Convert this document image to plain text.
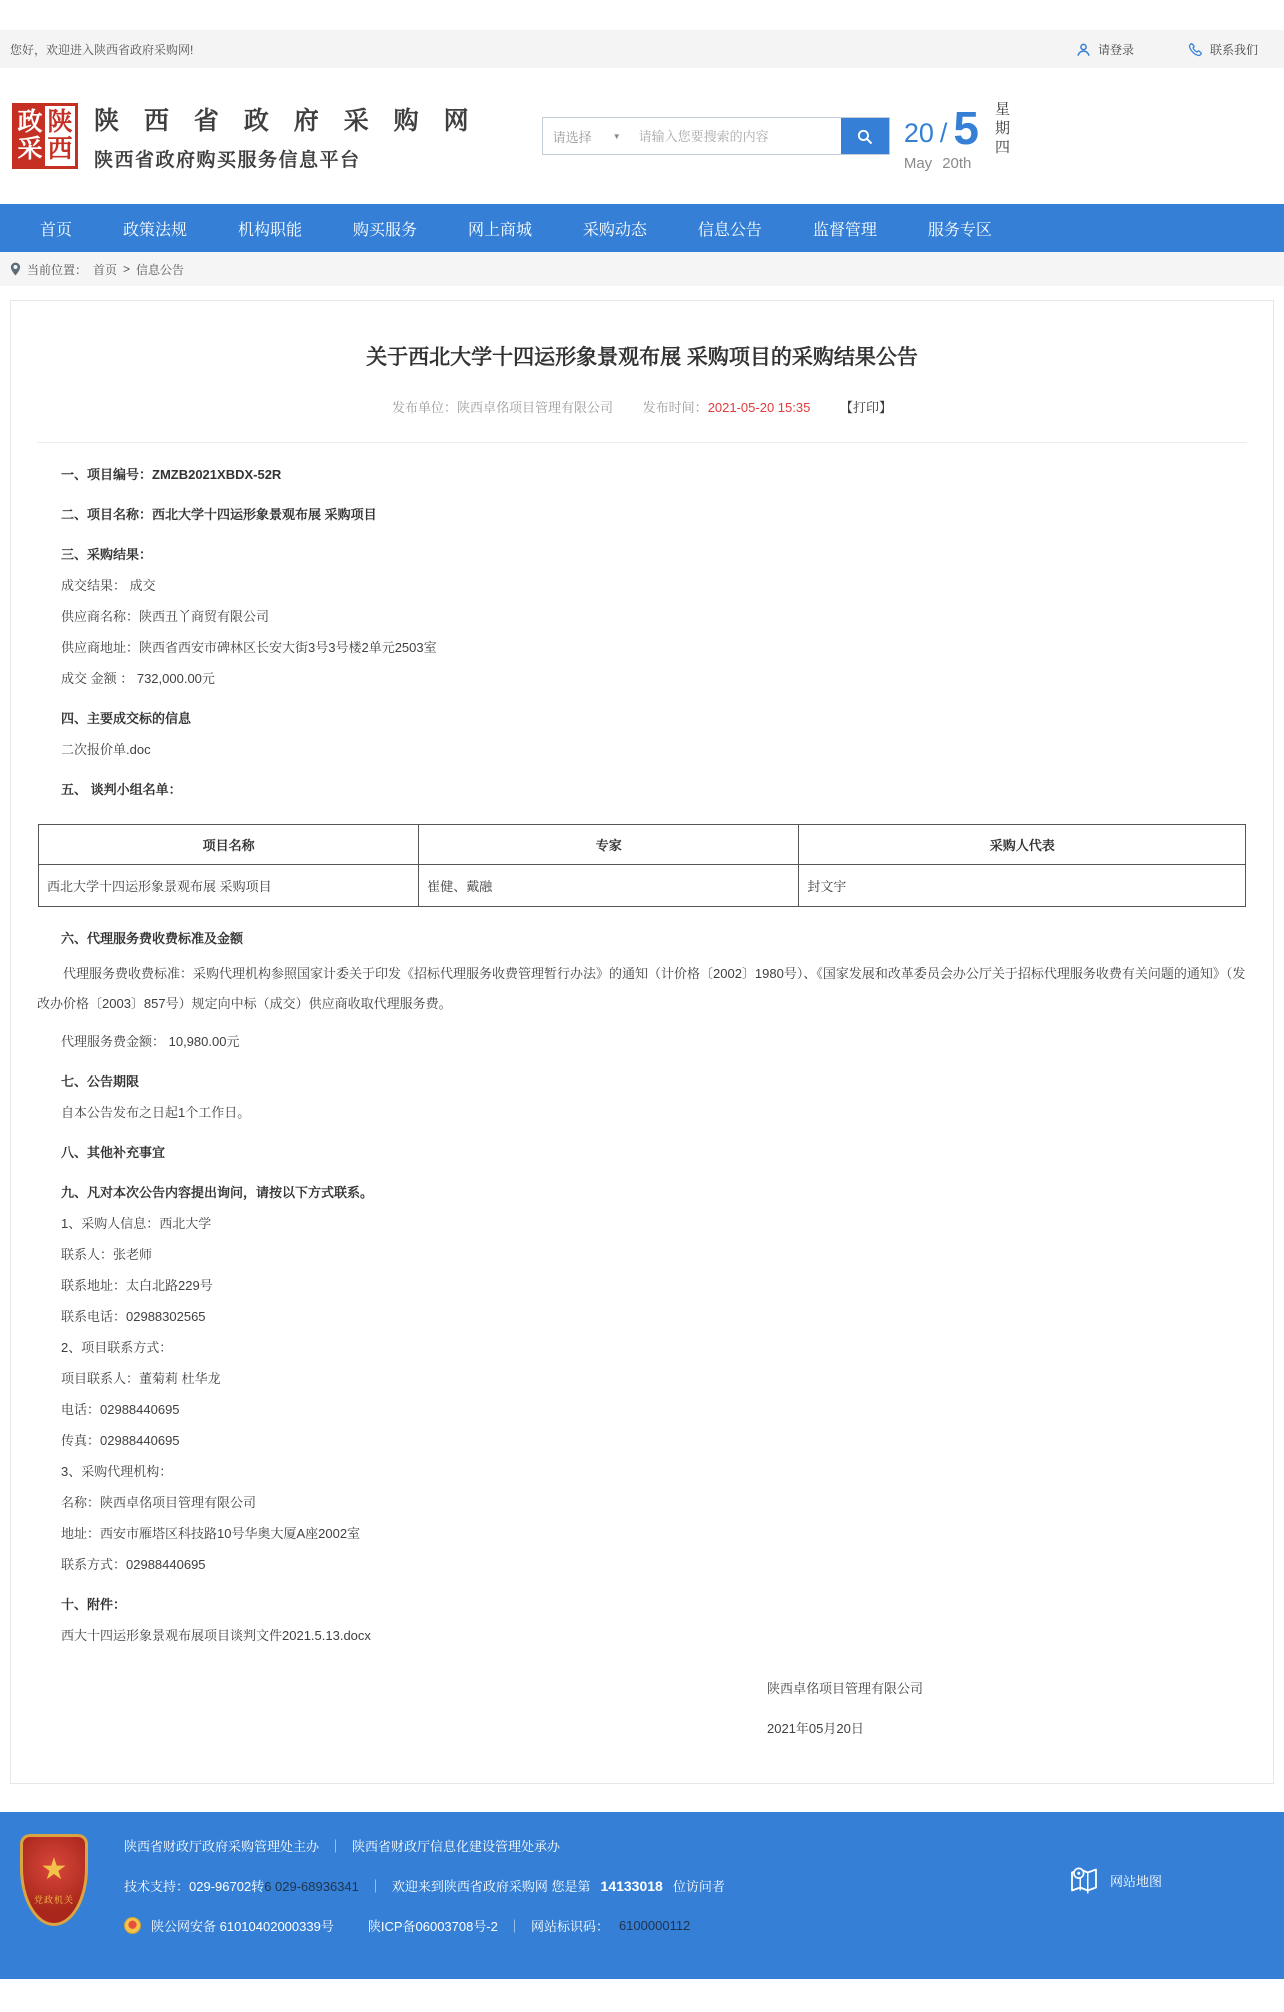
您好，欢迎进入陕西省政府采购网!	请登录	联系我们
政
采
陕
西
陕 西 省 政 府 采 购 网
陕西省政府购买服务信息平台
请选择	▼
请输入您要搜索的内容	20 / 5
May 20th
星期四
首页	政策法规	机构职能	购买服务	网上商城	采购动态	信息公告	监督管理	服务专区
当前位置： 首页 > 信息公告
关于西北大学十四运形象景观布展 采购项目的采购结果公告
发布单位：陕西卓佲项目管理有限公司 发布时间：2021-05-20 15:35 【打印】

一、项目编号：ZMZB2021XBDX-52R

二、项目名称：西北大学十四运形象景观布展 采购项目

三、采购结果：

成交结果： 成交

供应商名称：陕西丑丫商贸有限公司

供应商地址：陕西省西安市碑林区长安大街3号3号楼2单元2503室

成交 金额 ： 732,000.00元

四、主要成交标的信息

二次报价单.doc

五、 谈判小组名单：

项目名称	专家	采购人代表
西北大学十四运形象景观布展 采购项目	崔健、戴融	封文宇

六、代理服务费收费标准及金额

代理服务费收费标准：采购代理机构参照国家计委关于印发《招标代理服务收费管理暂行办法》的通知（计价格〔2002〕1980号）、《国家发展和改革委员会办公厅关于招标代理服务收费有关问题的通知》（发改办价格〔2003〕857号）规定向中标（成交）供应商收取代理服务费。

代理服务费金额： 10,980.00元

七、公告期限

自本公告发布之日起1个工作日。

八、其他补充事宜

九、凡对本次公告内容提出询问，请按以下方式联系。

1、采购人信息：西北大学

联系人：张老师

联系地址：太白北路229号

联系电话：02988302565

2、项目联系方式：

项目联系人：董菊莉 杜华龙

电话：02988440695

传真：02988440695

3、采购代理机构：

名称：陕西卓佲项目管理有限公司

地址：西安市雁塔区科技路10号华奥大厦A座2002室

联系方式：02988440695

十、附件：

西大十四运形象景观布展项目谈判文件2021.5.13.docx

陕西卓佲项目管理有限公司
2021年05月20日
★
党政机关
陕西省财政厅政府采购管理处主办 ｜ 陕西省财政厅信息化建设管理处承办
技术支持：029-96702转6 029-68936341 ｜ 欢迎来到陕西省政府采购网 您是第 14133018 位访问者
陕公网安备 61010402000339号	陕ICP备06003708号-2 ｜ 网站标识码： 6100000112
网站地图
